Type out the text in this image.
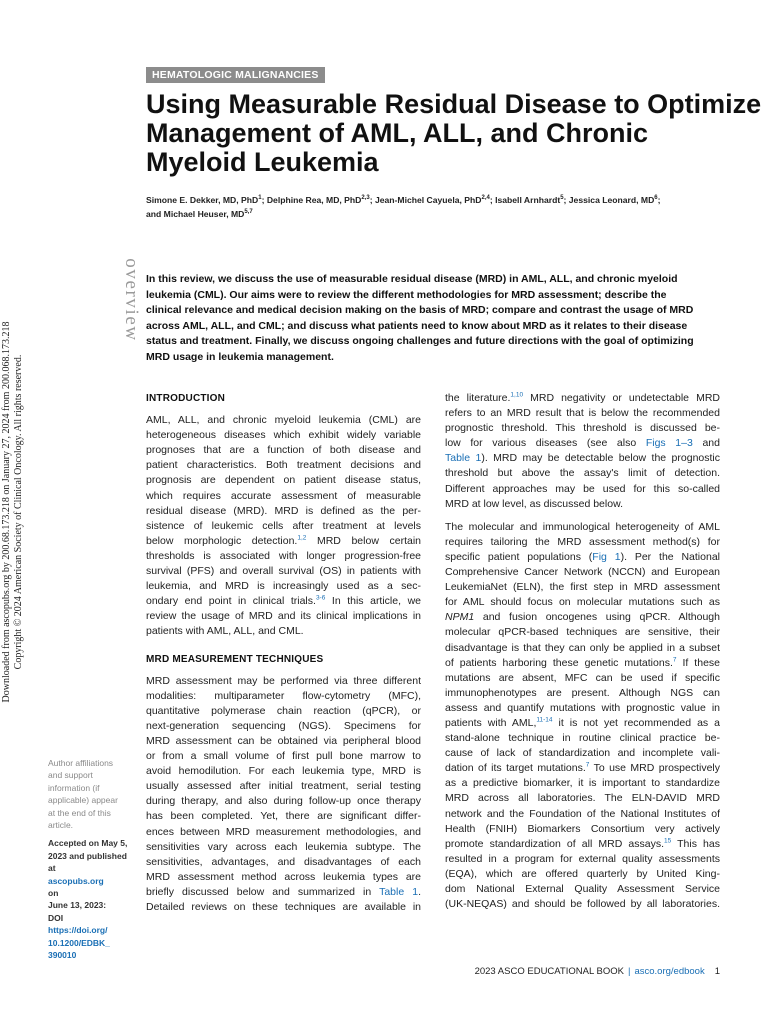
HEMATOLOGIC MALIGNANCIES
Using Measurable Residual Disease to Optimize
Management of AML, ALL, and Chronic
Myeloid Leukemia
Simone E. Dekker, MD, PhD$^1$; Delphine Rea, MD, PhD$^{2,3}$; Jean-Michel Cayuela, PhD$^{2,4}$; Isabell Arnhardt$^5$; Jessica Leonard, $MD^6$;
and Michael Heuser, MD$^{5,7}$
overview In this review, we discuss the use of measurable residual disease (MRD) in AML, ALL, and chronic myeloid
leukemia (CML). Our aims were to review the different methodologies for MRD assessment; describe the
clinical relevance and medical decision making on the basis of MRD; compare and contrast the usage of MRD
across AML, ALL, and CML; and discuss what patients need to know about MRD as it relates to their disease
status and treatment. Finally, we discuss ongoing challenges and future directions with the goal of optimizing
MRD usage in leukemia management.
Downloaded from ascopubs.org by 200.68.173.218 on January 27, 2024 from 200.068.173.218 Copyright © 2024 American Society of Clinical Oncology. All rights reserved.	INTRODUCTION
AML, ALL, and chronic myeloid leukemia (CML) are
heterogeneous diseases which exhibit widely variable
prognoses that are a function of both disease and
patient characteristics. Both treatment decisions and
prognosis are dependent on patient disease status,
which requires accurate assessment of measurable
residual disease (MRD). MRD is defined as the per-
sistence of leukemic cells after treatment at levels
below morphologic detection.$^{1,2}$ MRD below certain
thresholds is associated with longer progression-free
survival (PFS) and overall survival (OS) in patients with
leukemia, and MRD is increasingly used as a sec-
ondary end point in clinical trials.$^{3-6}$ In this article, we
review the usage of MRD and its clinical implications in
patients with AML, ALL, and CML.
MRD MEASUREMENT TECHNIQUES
MRD assessment may be performed via three different
modalities: multiparameter flow-cytometry (MFC),
quantitative polymerase chain reaction (qPCR), or
next-generation sequencing (NGS). Specimens for
MRD assessment can be obtained via peripheral blood
or from a small volume of first pull bone marrow to
avoid hemodilution. For each leukemia type, MRD is
usually assessed after initial treatment, serial testing
during therapy, and also during follow-up once therapy
has been completed. Yet, there are significant differ-
ences between MRD measurement methodologies, and
sensitivities vary across each leukemia subtype. The
sensitivities, advantages, and disadvantages of each
MRD assessment method across leukemia types are
briefly discussed below and summarized in Table 1.
Detailed reviews on these techniques are available in
the literature.$^{1,10}$ MRD negativity or undetectable MRD
refers to an MRD result that is below the recommended
prognostic threshold. This threshold is discussed be-
low for various diseases (see also Figs 1–3 and
Table 1). MRD may be detectable below the prognostic
threshold but above the assay's limit of detection.
Different approaches may be used for this so-called
MRD at low level, as discussed below.
The molecular and immunological heterogeneity of AML
requires tailoring the MRD assessment method(s) for
specific patient populations (Fig 1). Per the National
Comprehensive Cancer Network (NCCN) and European
LeukemiaNet (ELN), the first step in MRD assessment
for AML should focus on molecular mutations such as
NPM1 and fusion oncogenes using qPCR. Although
molecular qPCR-based techniques are sensitive, their
disadvantage is that they can only be applied in a subset
of patients harboring these genetic mutations.$^7$ If these
mutations are absent, MFC can be used if specific
immunophenotypes are present. Although NGS can
assess and quantify mutations with prognostic value in
patients with AML,$^{11-14}$ it is not yet recommended as a
stand-alone technique in routine clinical practice be-
cause of lack of standardization and incomplete vali-
dation of its target mutations.$^7$ To use MRD prospectively
as a predictive biomarker, it is important to standardize
MRD across all laboratories. The ELN-DAVID MRD
network and the Foundation of the National Institutes of
Health (FNIH) Biomarkers Consortium very actively
promote standardization of all MRD assays.$^{15}$ This has
resulted in a program for external quality assessments
(EQA), which are offered quarterly by United King-
dom National External Quality Assessment Service
(UK-NEQAS) and should be followed by all laboratories.
Author affiliations
and support
information (if
applicable) appear
at the end of this
article.
Accepted on May 5,
2023 and published
at
ascopubs.org
on
June 13, 2023:
DOI
https://doi.org/
10.1200/EDBK_
390010
2023 ASCO EDUCATIONAL BOOK | asco.org/edbook 1
